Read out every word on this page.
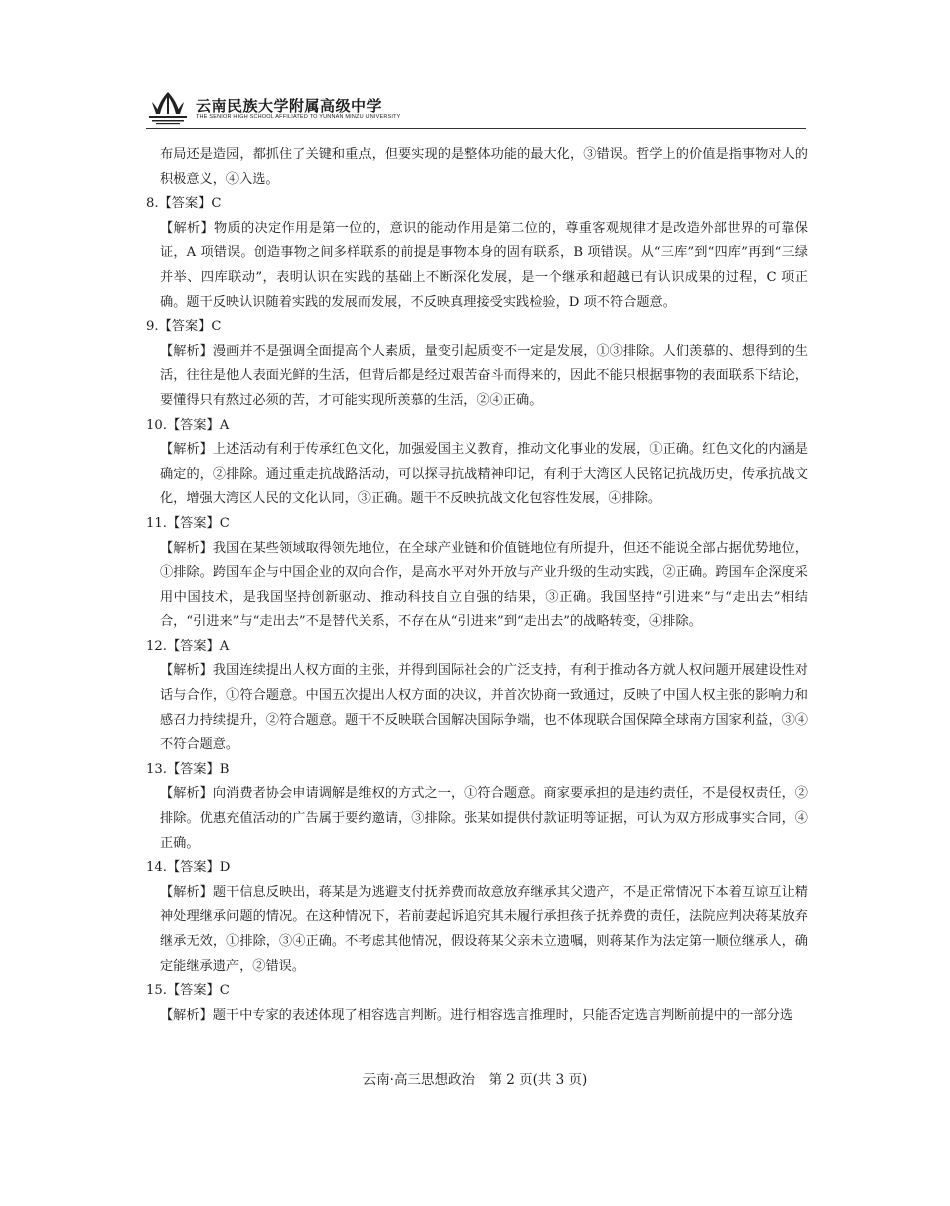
云南民族大学附属高级中学
THE SENIOR HIGH SCHOOL AFFILIATED TO YUNNAN MINZU UNIVERSITY

布局还是造园，都抓住了关键和重点，但要实现的是整体功能的最大化，③错误。哲学上的价值是指事物对人的积极意义，④入选。

8.【答案】C

【解析】物质的决定作用是第一位的，意识的能动作用是第二位的，尊重客观规律才是改造外部世界的可靠保证，A 项错误。创造事物之间多样联系的前提是事物本身的固有联系，B 项错误。从“三库”到“四库”再到“三绿并举、四库联动”，表明认识在实践的基础上不断深化发展，是一个继承和超越已有认识成果的过程，C 项正确。题干反映认识随着实践的发展而发展，不反映真理接受实践检验，D 项不符合题意。

9.【答案】C

【解析】漫画并不是强调全面提高个人素质，量变引起质变不一定是发展，①③排除。人们羡慕的、想得到的生活，往往是他人表面光鲜的生活，但背后都是经过艰苦奋斗而得来的，因此不能只根据事物的表面联系下结论，要懂得只有熬过必须的苦，才可能实现所羡慕的生活，②④正确。

10.【答案】A

【解析】上述活动有利于传承红色文化，加强爱国主义教育，推动文化事业的发展，①正确。红色文化的内涵是确定的，②排除。通过重走抗战路活动，可以探寻抗战精神印记，有利于大湾区人民铭记抗战历史，传承抗战文化，增强大湾区人民的文化认同，③正确。题干不反映抗战文化包容性发展，④排除。

11.【答案】C

【解析】我国在某些领域取得领先地位，在全球产业链和价值链地位有所提升，但还不能说全部占据优势地位，①排除。跨国车企与中国企业的双向合作，是高水平对外开放与产业升级的生动实践，②正确。跨国车企深度采用中国技术，是我国坚持创新驱动、推动科技自立自强的结果，③正确。我国坚持“引进来”与“走出去”相结合，“引进来”与“走出去”不是替代关系，不存在从“引进来”到“走出去”的战略转变，④排除。

12.【答案】A

【解析】我国连续提出人权方面的主张，并得到国际社会的广泛支持，有利于推动各方就人权问题开展建设性对话与合作，①符合题意。中国五次提出人权方面的决议，并首次协商一致通过，反映了中国人权主张的影响力和感召力持续提升，②符合题意。题干不反映联合国解决国际争端，也不体现联合国保障全球南方国家利益，③④不符合题意。

13.【答案】B

【解析】向消费者协会申请调解是维权的方式之一，①符合题意。商家要承担的是违约责任，不是侵权责任，②排除。优惠充值活动的广告属于要约邀请，③排除。张某如提供付款证明等证据，可认为双方形成事实合同，④正确。

14.【答案】D

【解析】题干信息反映出，蒋某是为逃避支付抚养费而故意放弃继承其父遗产，不是正常情况下本着互谅互让精神处理继承问题的情况。在这种情况下，若前妻起诉追究其未履行承担孩子抚养费的责任，法院应判决蒋某放弃继承无效，①排除，③④正确。不考虑其他情况，假设蒋某父亲未立遗嘱，则蒋某作为法定第一顺位继承人，确定能继承遗产，②错误。

15.【答案】C

【解析】题干中专家的表述体现了相容选言判断。进行相容选言推理时，只能否定选言判断前提中的一部分选

云南·高三思想政治　第 2 页(共 3 页)
